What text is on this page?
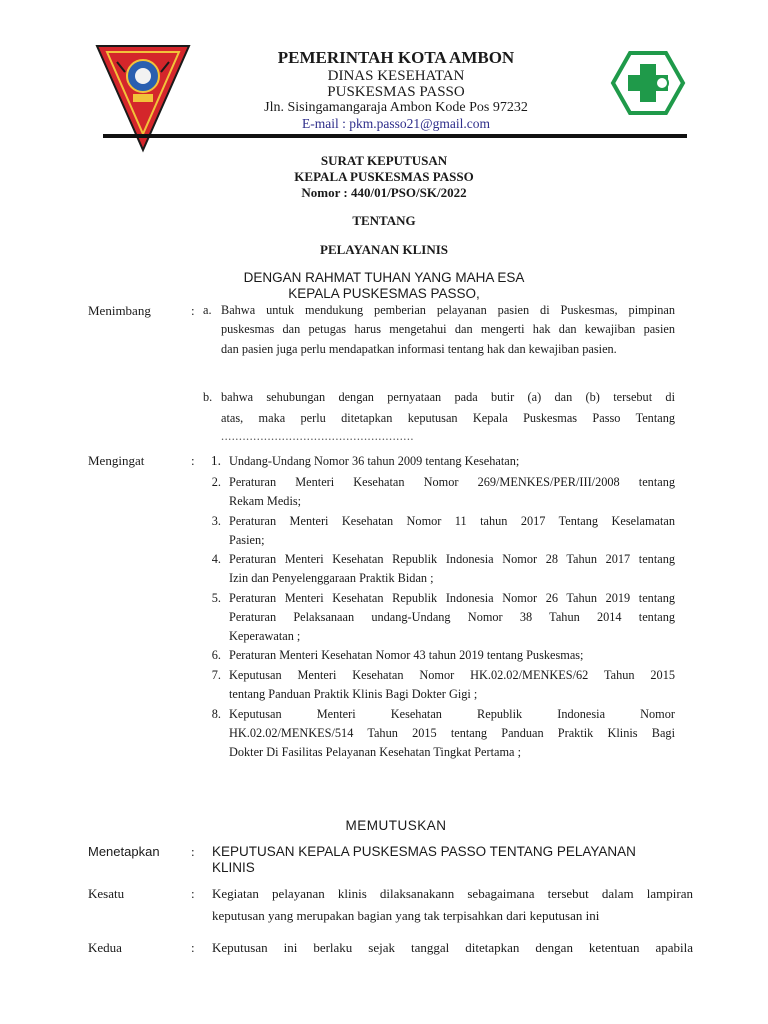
PEMERINTAH KOTA AMBON
DINAS KESEHATAN
PUSKESMAS PASSO
Jln. Sisingamangaraja Ambon Kode Pos 97232
E-mail : pkm.passo21@gmail.com
SURAT KEPUTUSAN
KEPALA PUSKESMAS PASSO
Nomor : 440/01/PSO/SK/2022
TENTANG
PELAYANAN KLINIS
DENGAN RAHMAT TUHAN YANG MAHA ESA
KEPALA PUSKESMAS PASSO,
Menimbang	: a. Bahwa untuk mendukung pemberian pelayanan pasien di Puskesmas, pimpinan
puskesmas dan petugas harus mengetahui dan mengerti hak dan kewajiban pasien
dan pasien juga perlu mendapatkan informasi tentang hak dan kewajiban pasien.
b. bahwa sehubungan dengan pernyataan pada butir (a) dan (b) tersebut di
atas, maka perlu ditetapkan keputusan Kepala Puskesmas Passo Tentang
......................................................
Mengingat	:	1. Undang-Undang Nomor 36 tahun 2009 tentang Kesehatan;
2. Peraturan Menteri Kesehatan Nomor 269/MENKES/PER/III/2008 tentang
Rekam Medis;
3. Peraturan Menteri Kesehatan Nomor 11 tahun 2017 Tentang Keselamatan
Pasien;
4. Peraturan Menteri Kesehatan Republik Indonesia Nomor 28 Tahun 2017 tentang
Izin dan Penyelenggaraan Praktik Bidan ;
5. Peraturan Menteri Kesehatan Republik Indonesia Nomor 26 Tahun 2019 tentang
Peraturan Pelaksanaan undang-Undang Nomor 38 Tahun 2014 tentang
Keperawatan ;
6. Peraturan Menteri Kesehatan Nomor 43 tahun 2019 tentang Puskesmas;
7. Keputusan Menteri Kesehatan Nomor HK.02.02/MENKES/62 Tahun 2015
tentang Panduan Praktik Klinis Bagi Dokter Gigi ;
8. Keputusan Menteri Kesehatan Republik Indonesia Nomor
HK.02.02/MENKES/514 Tahun 2015 tentang Panduan Praktik Klinis Bagi
Dokter Di Fasilitas Pelayanan Kesehatan Tingkat Pertama ;
MEMUTUSKAN
Menetapkan : KEPUTUSAN KEPALA PUSKESMAS PASSO TENTANG PELAYANAN
KLINIS
Kesatu	: Kegiatan pelayanan klinis dilaksanakann sebagaimana tersebut dalam lampiran
keputusan yang merupakan bagian yang tak terpisahkan dari keputusan ini
Kedua	: Keputusan ini berlaku sejak tanggal ditetapkan dengan ketentuan apabila
